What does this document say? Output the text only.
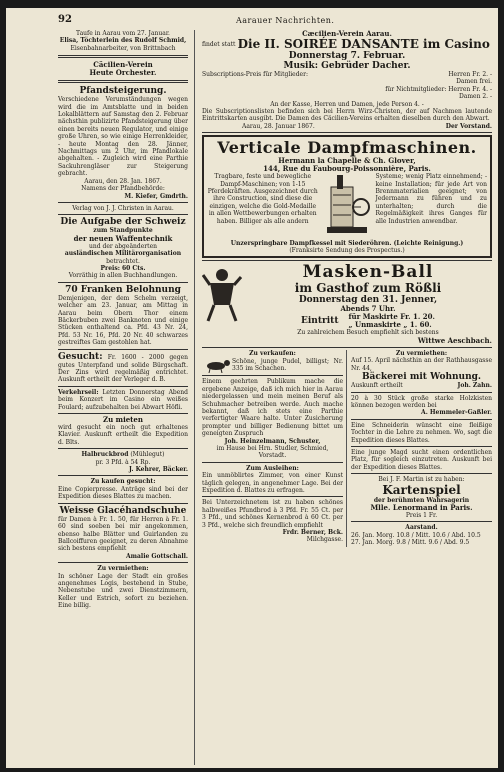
92	Aarauer Nachrichten.
Taufe in Aarau vom 27. Januar.
Elisa, Töchterlein des Rudolf Schmid,
Eisenbahnarbeiter, von Brittnbach
Cäcilien-Verein
Heute Orchester.
Pfandsteigerung.
Verschiedene Verumständungen wegen wird die im Amtsblatte und in beiden Lokalblättern auf Samstag den 2. Februar nächsthin publizirte Pfandsteigerung über einen bereits neuen Regulator, und einige große Uhren, so wie einige Herrenkleider, - heute Montag den 28. Jänner, Nachmittags um 2 Uhr, im Pfandlokale abgehalten. - Zugleich wird eine Parthie Sackuhrengläser zur Steigerung gebracht.
Aarau, den 28. Jan. 1867.
Namens der Pfandbehörde:
M. Kiefer, Gmdrth.
Verlag von J. J. Christen in Aarau.
Die Aufgabe der Schweiz
zum Standpunkte
der neuen Waffentechnik
und der abgeänderten
ausländischen Militärorganisation
betrachtet.
Preis: 60 Cts.
Vorräthig in allen Buchhandlungen.
70 Franken Belohnung
Demjenigen, der dem Schelm verzeigt, welcher am 23. Januar, am Mittag in Aarau beim Obern Thor einem Bäckerbuben zwei Banknoten und einige Stücken enthaltend ca. Pfd. 43 Nr. 24, Pfd. 53 Nr. 16, Pfd. 20 Nr. 40 schwarzes gestreiftes Gam gestohlen hat.
Gesucht: Fr. 1600 - 2000 gegen gutes Unterpfand und solide Bürgschaft. Der Zins wird regelmäßig entrichtet. Auskunft ertheilt der Verleger d. B.
Verkehrseil: Letzten Donnerstag Abend beim Konzert im Casino ein weißes Foulard; aufzubehalten bei Abwart Höfli.
Zu mieten
wird gesucht ein noch gut erhaltenes Klavier. Auskunft ertheilt die Expedition d. Blts.
Halbruckbrod (Mühlegut)
pr. 3 Pfd. à 54 Rp.
J. Kehrer, Bäcker.
Zu kaufen gesucht:
Eine Copierpresse. Anträge sind bei der Expedition dieses Blattes zu machen.
Weisse Glacéhandschuhe
für Damen à Fr. 1. 50, für Herren à Fr. 1. 60 sind soeben bei mir angekommen, ebenso halbe Blätter und Guirlanden zu Ballcoiffuren geeignet, zu deren Abnahme sich bestens empfiehlt
Amalie Gottschall.
Zu vermiethen:
In schöner Lage der Stadt ein großes angenehmes Logis, bestehend in Stube, Nebenstube und zwei Dienstzimmern, Keller und Estrich, sofort zu beziehen. Eine billig.
Cæcilien-Verein Aarau.
findet statt Die II. SOIRÉE DANSANTE im Casino
Donnerstag 7. Februar.
Musik: Gebrüder Dacher.
Subscriptions-Preis für Mitglieder:	Herren Fr. 2. -
Damen frei.
für Nichtmitglieder: Herren Fr. 4. -
Damen 2. -
An der Kasse, Herren und Damen, jede Person 4. -
Die Subscriptionslisten befinden sich bei Herrn Wirz-Christen, der auf Nachmen lautende Eintrittskarten ausgibt. Die Damen des Cäcilien-Vereins erhalten dieselben durch den Abwart.
Aarau, 28. Januar 1867.	Der Vorstand.
Verticale Dampfmaschinen.
Hermann la Chapelle & Ch. Glover,
144, Rue du Faubourg-Poissonnière, Paris.
Tragbare, feste und bewegliche Dampf-Maschinen; von 1-15 Pferdekräften. Ausgezeichnet durch ihre Construction, sind diese die einzigen, welche die Gold-Medaille in allen Wettbewerbungen erhalten haben. Billiger als alle andern
Systeme; wenig Platz einnehmend; - keine Installation; für jede Art von Brennmaterialien geeignet; von Jedermann zu führen und zu unterhalten; durch die Regelmäßigkeit ihres Ganges für alle Industrien anwendbar.
Unzerspringbare Dampfkessel mit Siederöhren. (Leichte Reinigung.)
(Franksirte Sendung des Prospectus.)
Masken-Ball
im Gasthof zum Rößli
Donnerstag den 31. Jenner,
Abends 7 Uhr.
Eintritt für Maskirte Fr. 1. 20.
„ Unmaskirte „ 1. 60.
Zu zahlreichem Besuch empfiehlt sich bestens
Wittwe Aeschbach.
Zu verkaufen:
Schöne, junge Pudel, billigst; Nr. 335 im Schachen.
Einem geehrten Publikum mache die ergebene Anzeige, daß ich mich hier in Aarau niedergelassen und mein meinen Beruf als Schuhmacher betreiben werde. Auch mache bekannt, daß ich stets eine Parthie verfertigter Waare halte. Unter Zusicherung prompter und billiger Bedienung bittet um geneigten Zuspruch
Joh. Heinzelmann, Schuster,
im Hause bei Hrn. Studler, Schmied, Vorstadt.
Zum Ausleihen:
Ein unmöblirtes Zimmer, von einer Kunst täglich gelegen, in angenehmer Lage. Bei der Expedition d. Blattes zu erfragen.
Bei Unterzeichnetem ist zu haben schönes halbweißes Pfundbrod à 3 Pfd. Fr. 55 Ct. per 3 Pfd., und schönes Kernenbrod à 60 Ct. per 3 Pfd., welche sich freundlich empfiehlt
Frdr. Berner, Bck.
Milchgasse.
Zu vermiethen:
Auf 15. April nächsthin an der Rathhausgasse Nr. 44,
Bäckerei mit Wohnung.
Auskunft ertheilt	Joh. Zahn.
20 à 30 Stück große starke Holzkisten können bezogen werden bei
A. Hemmeler-Gaßler.
Eine Schneiderin wünscht eine fleißige Tochter in die Lehre zu nehmen. Wo, sagt die Expedition dieses Blattes.
Eine junge Magd sucht einen ordentlichen Platz, für sogleich einzutreten. Auskunft bei der Expedition dieses Blattes.
Bei J. F. Martin ist zu haben:
Kartenspiel
der berühmten Wahrsagerin
Mlle. Lenormand in Paris.
Preis 1 Fr.
Aarstand.
26. Jan. Morg. 10.8 / Mitt. 10.6 / Abd. 10.5
27. Jan. Morg. 9.8 / Mitt. 9.6 / Abd. 9.5
